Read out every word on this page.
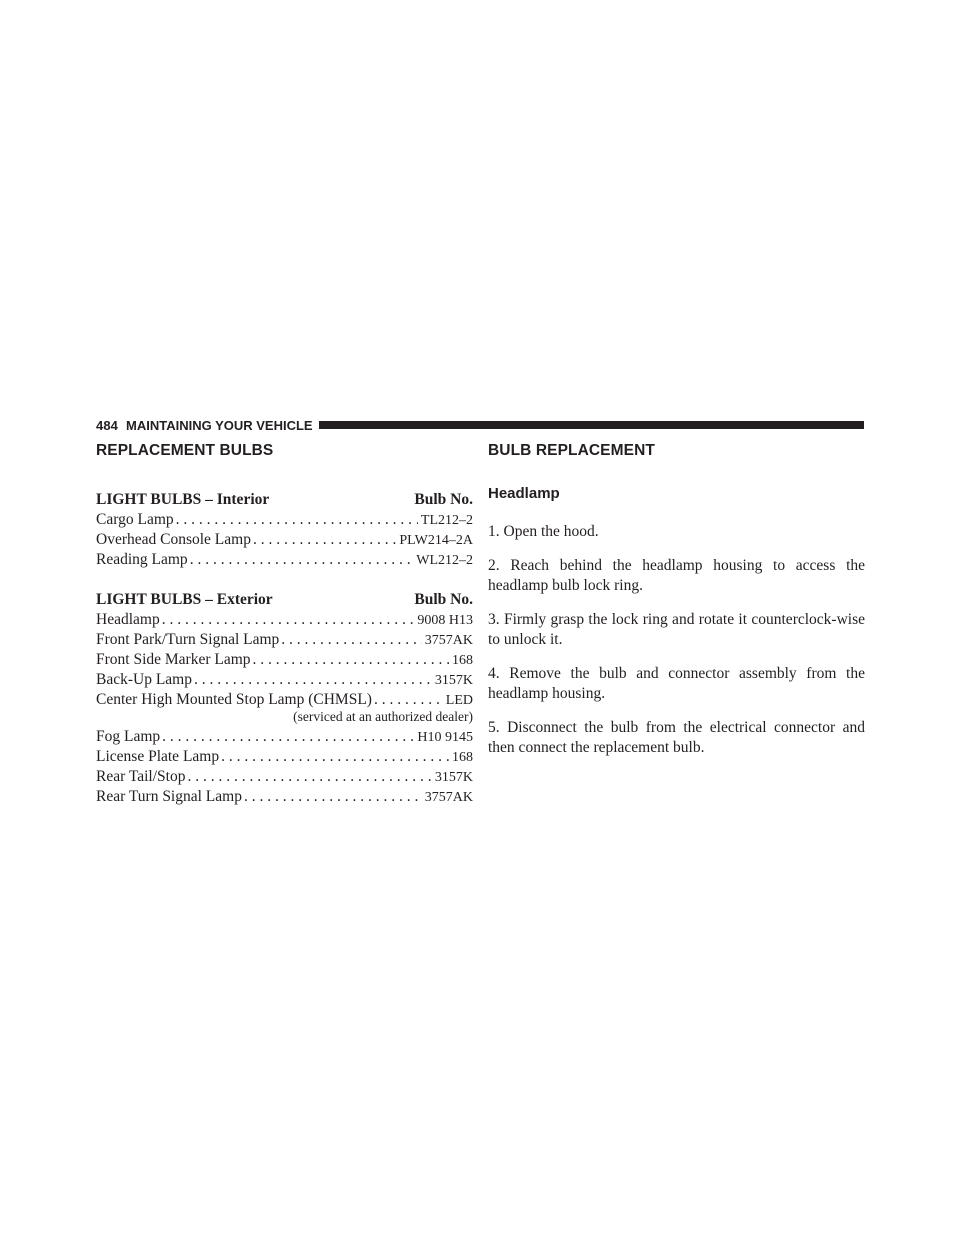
484 MAINTAINING YOUR VEHICLE
REPLACEMENT BULBS
LIGHT BULBS – Interior	Bulb No.
Cargo Lamp . . .	TL212–2
Overhead Console Lamp . . .	PLW214–2A
Reading Lamp . . .	WL212–2
LIGHT BULBS – Exterior	Bulb No.
Headlamp . . .	9008 H13
Front Park/Turn Signal Lamp . . .	3757AK
Front Side Marker Lamp . . .	168
Back-Up Lamp . . .	3157K
Center High Mounted Stop Lamp (CHMSL) . . .	LED
(serviced at an authorized dealer)
Fog Lamp . . .	H10 9145
License Plate Lamp . . .	168
Rear Tail/Stop . . .	3157K
Rear Turn Signal Lamp . . .	3757AK
BULB REPLACEMENT
Headlamp

1. Open the hood.

2. Reach behind the headlamp housing to access the headlamp bulb lock ring.

3. Firmly grasp the lock ring and rotate it counterclock-wise to unlock it.

4. Remove the bulb and connector assembly from the headlamp housing.

5. Disconnect the bulb from the electrical connector and then connect the replacement bulb.
